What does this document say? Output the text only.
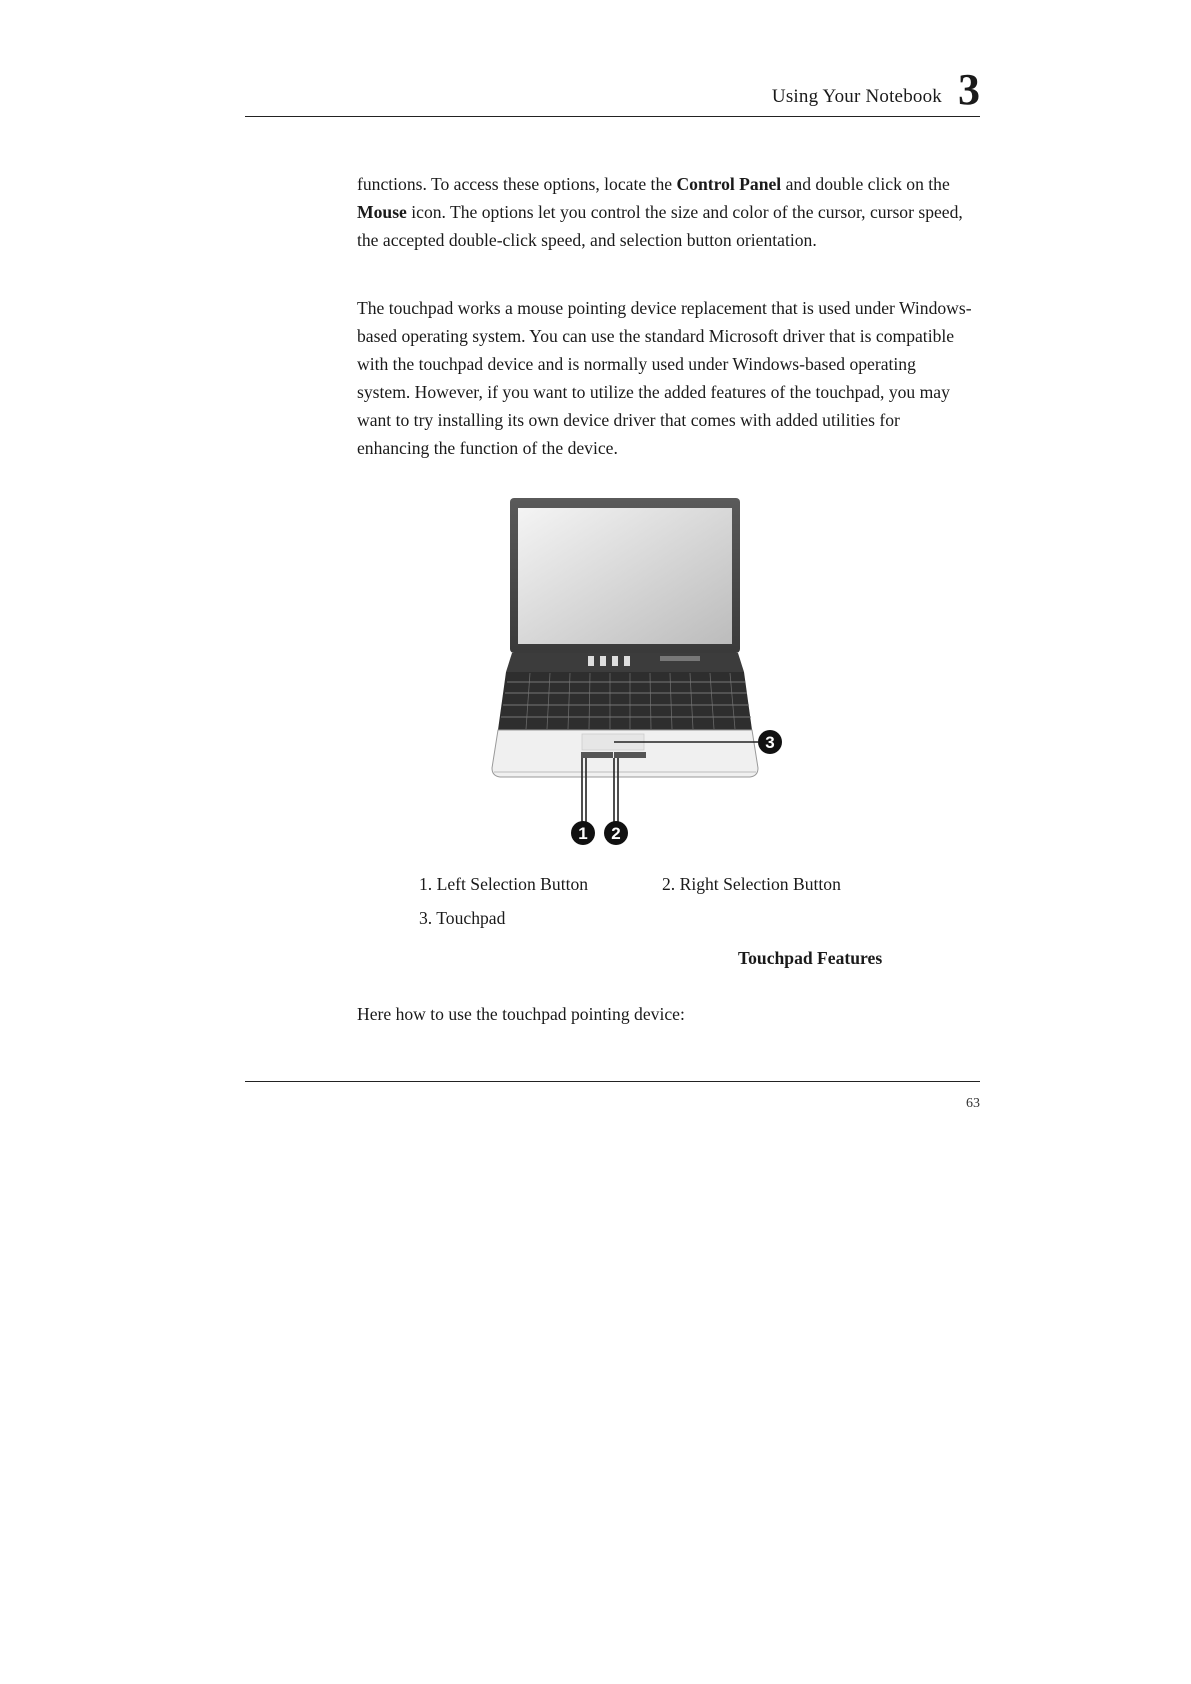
Using Your Notebook 3

functions. To access these options, locate the Control Panel and double click on the Mouse icon. The options let you control the size and color of the cursor, cursor speed, the accepted double-click speed, and selection button orientation.

The touchpad works a mouse pointing device replacement that is used under Windows-based operating system. You can use the standard Microsoft driver that is compatible with the touchpad device and is normally used under Windows-based operating system. However, if you want to utilize the added features of the touchpad, you may want to try installing its own device driver that comes with added utilities for enhancing the function of the device.

3
1 2
1. Left Selection Button	2. Right Selection Button
3. Touchpad
Touchpad Features

Here how to use the touchpad pointing device:

63
